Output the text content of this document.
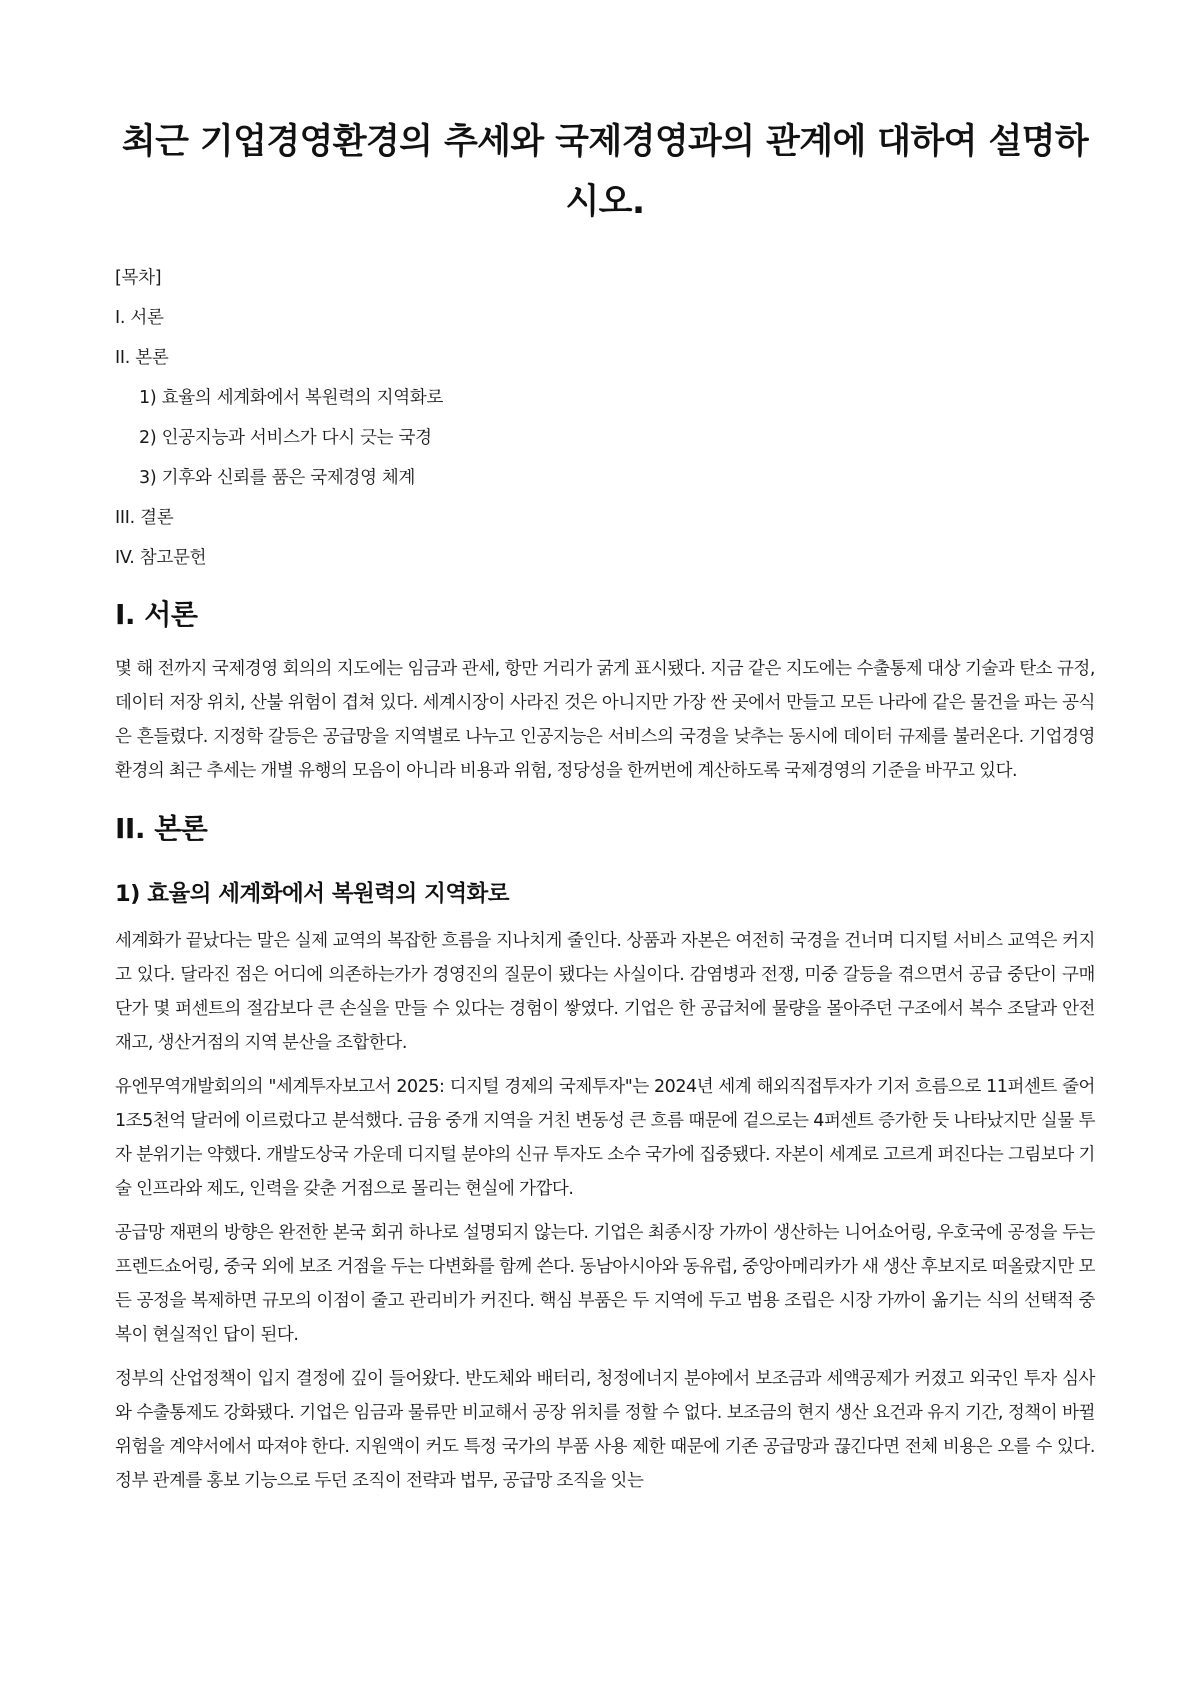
최근 기업경영환경의 추세와 국제경영과의 관계에 대하여 설명하시오.

[목차]

I. 서론

II. 본론

1) 효율의 세계화에서 복원력의 지역화로

2) 인공지능과 서비스가 다시 긋는 국경

3) 기후와 신뢰를 품은 국제경영 체계

III. 결론

IV. 참고문헌

I. 서론

몇 해 전까지 국제경영 회의의 지도에는 임금과 관세, 항만 거리가 굵게 표시됐다. 지금 같은 지도에는 수출통제 대상 기술과 탄소 규정, 데이터 저장 위치, 산불 위험이 겹쳐 있다. 세계시장이 사라진 것은 아니지만 가장 싼 곳에서 만들고 모든 나라에 같은 물건을 파는 공식은 흔들렸다. 지정학 갈등은 공급망을 지역별로 나누고 인공지능은 서비스의 국경을 낮추는 동시에 데이터 규제를 불러온다. 기업경영환경의 최근 추세는 개별 유행의 모음이 아니라 비용과 위험, 정당성을 한꺼번에 계산하도록 국제경영의 기준을 바꾸고 있다.

II. 본론
1) 효율의 세계화에서 복원력의 지역화로

세계화가 끝났다는 말은 실제 교역의 복잡한 흐름을 지나치게 줄인다. 상품과 자본은 여전히 국경을 건너며 디지털 서비스 교역은 커지고 있다. 달라진 점은 어디에 의존하는가가 경영진의 질문이 됐다는 사실이다. 감염병과 전쟁, 미중 갈등을 겪으면서 공급 중단이 구매단가 몇 퍼센트의 절감보다 큰 손실을 만들 수 있다는 경험이 쌓였다. 기업은 한 공급처에 물량을 몰아주던 구조에서 복수 조달과 안전재고, 생산거점의 지역 분산을 조합한다.

유엔무역개발회의의 "세계투자보고서 2025: 디지털 경제의 국제투자"는 2024년 세계 해외직접투자가 기저 흐름으로 11퍼센트 줄어 1조5천억 달러에 이르렀다고 분석했다. 금융 중개 지역을 거친 변동성 큰 흐름 때문에 겉으로는 4퍼센트 증가한 듯 나타났지만 실물 투자 분위기는 약했다. 개발도상국 가운데 디지털 분야의 신규 투자도 소수 국가에 집중됐다. 자본이 세계로 고르게 퍼진다는 그림보다 기술 인프라와 제도, 인력을 갖춘 거점으로 몰리는 현실에 가깝다.

공급망 재편의 방향은 완전한 본국 회귀 하나로 설명되지 않는다. 기업은 최종시장 가까이 생산하는 니어쇼어링, 우호국에 공정을 두는 프렌드쇼어링, 중국 외에 보조 거점을 두는 다변화를 함께 쓴다. 동남아시아와 동유럽, 중앙아메리카가 새 생산 후보지로 떠올랐지만 모든 공정을 복제하면 규모의 이점이 줄고 관리비가 커진다. 핵심 부품은 두 지역에 두고 범용 조립은 시장 가까이 옮기는 식의 선택적 중복이 현실적인 답이 된다.

정부의 산업정책이 입지 결정에 깊이 들어왔다. 반도체와 배터리, 청정에너지 분야에서 보조금과 세액공제가 커졌고 외국인 투자 심사와 수출통제도 강화됐다. 기업은 임금과 물류만 비교해서 공장 위치를 정할 수 없다. 보조금의 현지 생산 요건과 유지 기간, 정책이 바뀔 위험을 계약서에서 따져야 한다. 지원액이 커도 특정 국가의 부품 사용 제한 때문에 기존 공급망과 끊긴다면 전체 비용은 오를 수 있다. 정부 관계를 홍보 기능으로 두던 조직이 전략과 법무, 공급망 조직을 잇는
